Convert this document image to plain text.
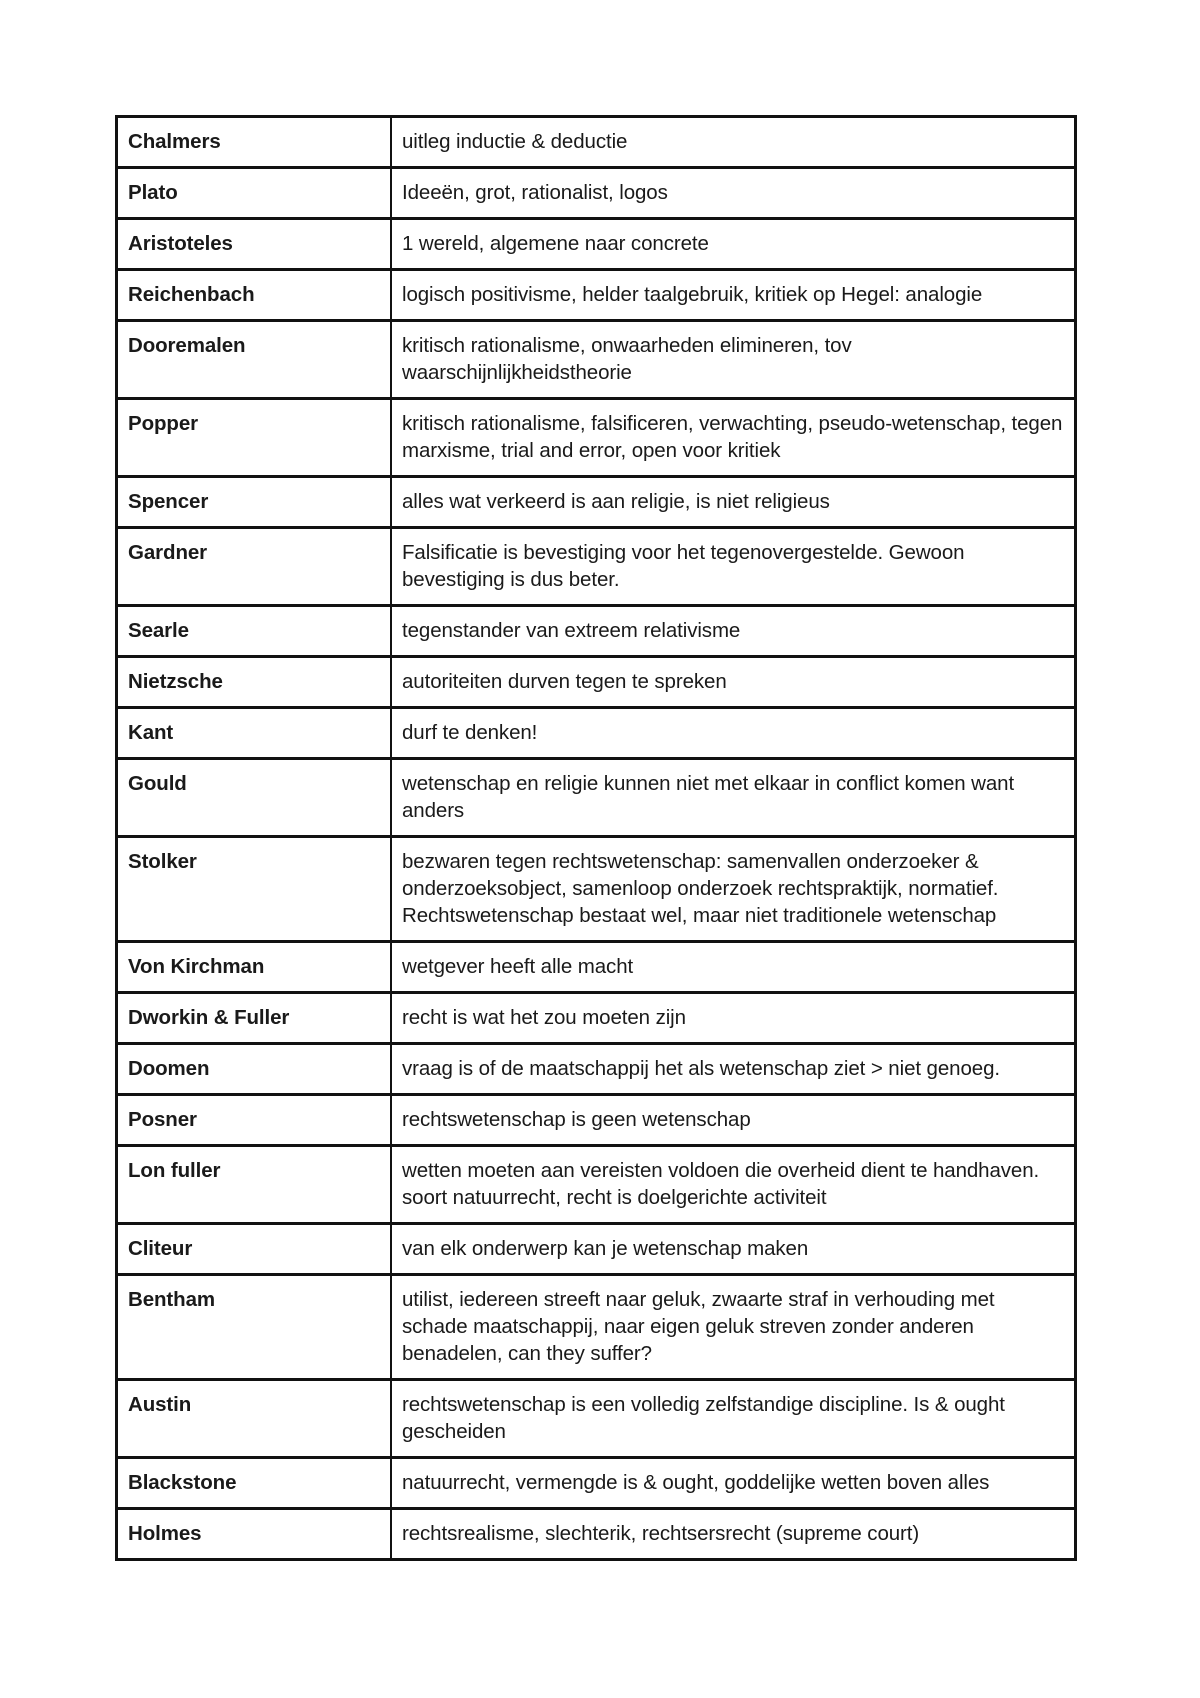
Chalmers	uitleg inductie & deductie
Plato	Ideeën, grot, rationalist, logos
Aristoteles	1 wereld, algemene naar concrete
Reichenbach	logisch positivisme, helder taalgebruik, kritiek op Hegel: analogie
Dooremalen	kritisch rationalisme, onwaarheden elimineren, tov waarschijnlijkheidstheorie
Popper	kritisch rationalisme, falsificeren, verwachting, pseudo-wetenschap, tegen marxisme, trial and error, open voor kritiek
Spencer	alles wat verkeerd is aan religie, is niet religieus
Gardner	Falsificatie is bevestiging voor het tegenovergestelde. Gewoon bevestiging is dus beter.
Searle	tegenstander van extreem relativisme
Nietzsche	autoriteiten durven tegen te spreken
Kant	durf te denken!
Gould	wetenschap en religie kunnen niet met elkaar in conflict komen want anders
Stolker	bezwaren tegen rechtswetenschap: samenvallen onderzoeker & onderzoeksobject, samenloop onderzoek rechtspraktijk, normatief. Rechtswetenschap bestaat wel, maar niet traditionele wetenschap
Von Kirchman	wetgever heeft alle macht
Dworkin & Fuller	recht is wat het zou moeten zijn
Doomen	vraag is of de maatschappij het als wetenschap ziet > niet genoeg.
Posner	rechtswetenschap is geen wetenschap
Lon fuller	wetten moeten aan vereisten voldoen die overheid dient te handhaven. soort natuurrecht, recht is doelgerichte activiteit
Cliteur	van elk onderwerp kan je wetenschap maken
Bentham	utilist, iedereen streeft naar geluk, zwaarte straf in verhouding met schade maatschappij, naar eigen geluk streven zonder anderen benadelen, can they suffer?
Austin	rechtswetenschap is een volledig zelfstandige discipline. Is & ought gescheiden
Blackstone	natuurrecht, vermengde is & ought, goddelijke wetten boven alles
Holmes	rechtsrealisme, slechterik, rechtsersrecht (supreme court)
